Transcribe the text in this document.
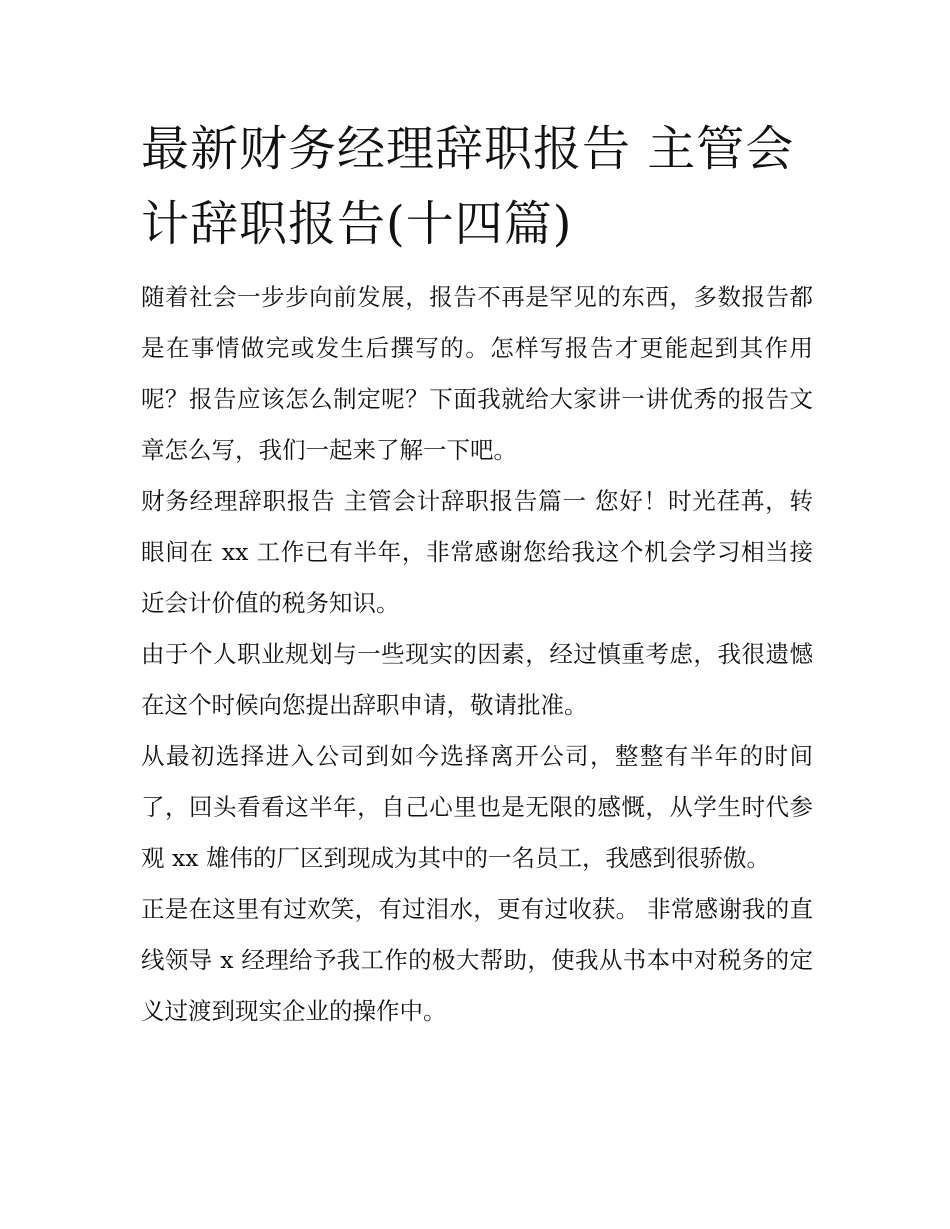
最新财务经理辞职报告 主管会计辞职报告(十四篇)

随着社会一步步向前发展，报告不再是罕见的东西，多数报告都是在事情做完或发生后撰写的。怎样写报告才更能起到其作用呢？报告应该怎么制定呢？下面我就给大家讲一讲优秀的报告文章怎么写，我们一起来了解一下吧。

财务经理辞职报告 主管会计辞职报告篇一 您好！时光荏苒，转眼间在 xx 工作已有半年，非常感谢您给我这个机会学习相当接近会计价值的税务知识。

由于个人职业规划与一些现实的因素，经过慎重考虑，我很遗憾在这个时候向您提出辞职申请，敬请批准。

从最初选择进入公司到如今选择离开公司，整整有半年的时间了，回头看看这半年，自己心里也是无限的感慨，从学生时代参观 xx 雄伟的厂区到现成为其中的一名员工，我感到很骄傲。

正是在这里有过欢笑，有过泪水，更有过收获。 非常感谢我的直线领导 x 经理给予我工作的极大帮助，使我从书本中对税务的定义过渡到现实企业的操作中。
